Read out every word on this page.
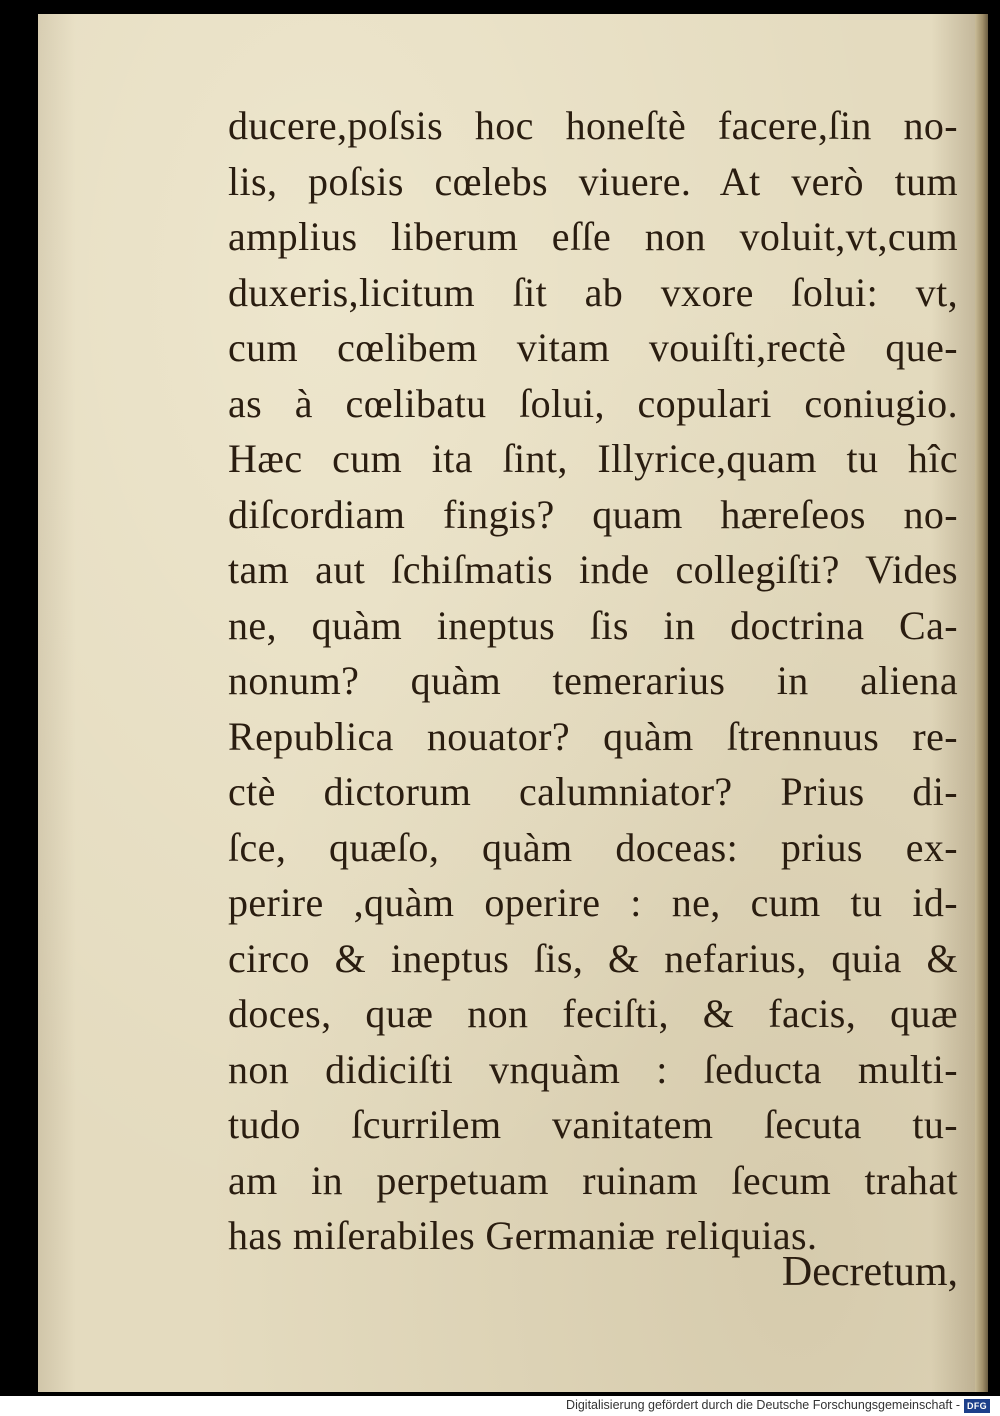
ducere,poſsis hoc honeſtè facere,ſin no-
lis, poſsis cœlebs viuere. At verò tum
amplius liberum eſſe non voluit,vt,cum
duxeris,licitum ſit ab vxore ſolui: vt,
cum cœlibem vitam vouiſti,rectè que-
as à cœlibatu ſolui, copulari coniugio.
Hæc cum ita ſint, Illyrice,quam tu hîc
diſcordiam fingis? quam hæreſeos no-
tam aut ſchiſmatis inde collegiſti? Vides
ne, quàm ineptus ſis in doctrina Ca-
nonum? quàm temerarius in aliena
Republica nouator? quàm ſtrennuus re-
ctè dictorum calumniator? Prius di-
ſce, quæſo, quàm doceas: prius ex-
perire ,quàm operire : ne, cum tu id-
circo & ineptus ſis, & nefarius, quia &
doces, quæ non feciſti, & facis, quæ
non didiciſti vnquàm : ſeducta multi-
tudo ſcurrilem vanitatem ſecuta tu-
am in perpetuam ruinam ſecum trahat
has miſerabiles Germaniæ reliquias.
Decretum,
Digitalisierung gefördert durch die Deutsche Forschungsgemeinschaft - DFG
